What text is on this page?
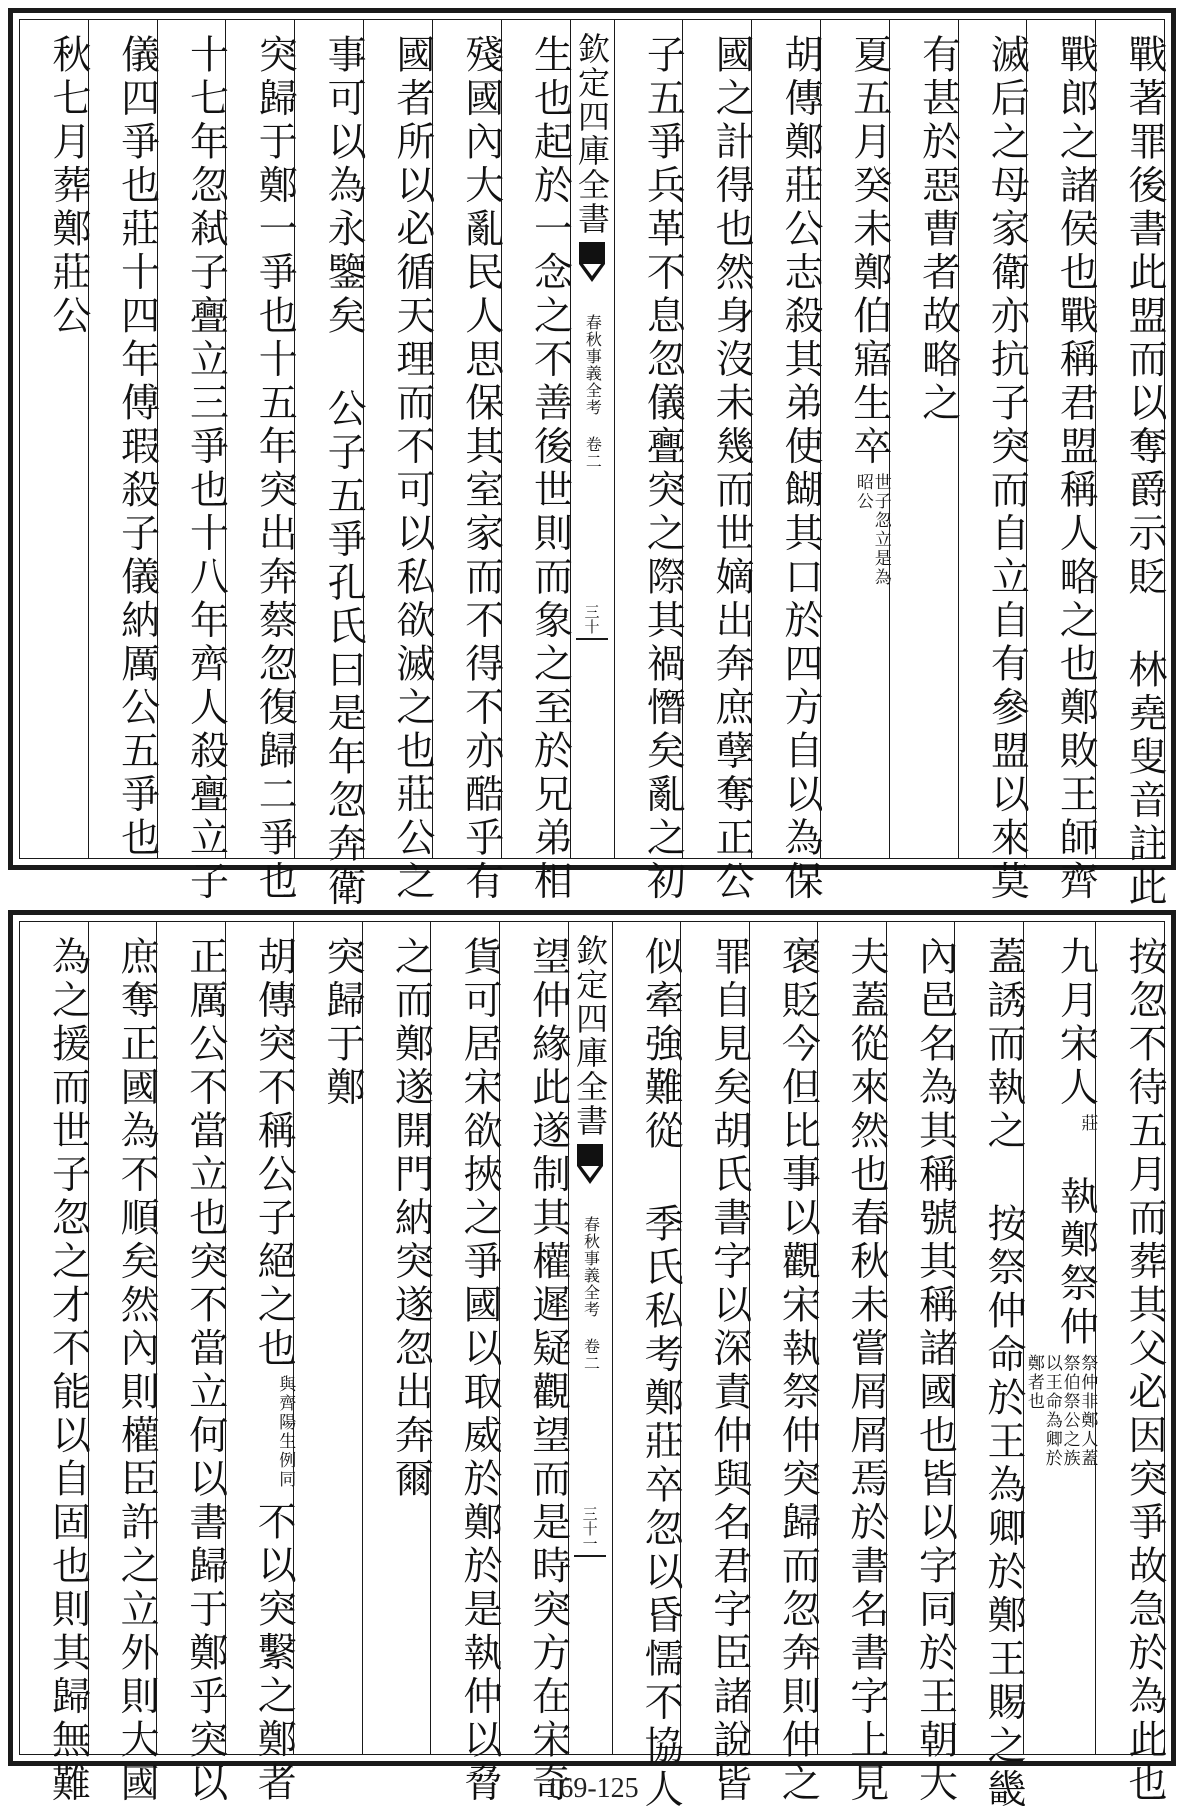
戰著罪後書此盟而以奪爵示貶 林堯叟音註此
戰郎之諸侯也戰稱君盟稱人略之也鄭敗王師齊
滅后之母家衛亦抗子突而自立自有參盟以來莫
有甚於惡曹者故略之
夏五月癸未鄭伯寤生卒世子忽立是為昭公
胡傳鄭莊公志殺其弟使餬其口於四方自以為保
國之計得也然身沒未幾而世嫡出奔庶孽奪正公
子五爭兵革不息忽儀亹突之際其禍憯矣亂之初
欽定四庫全書
春秋事義全考 卷二
三十
生也起於一念之不善後世則而象之至於兄弟相
殘國內大亂民人思保其室家而不得不亦酷乎有
國者所以必循天理而不可以私欲滅之也莊公之
事可以為永鑒矣 公子五爭孔氏曰是年忽奔衛
突歸于鄭一爭也十五年突出奔蔡忽復歸二爭也
十七年忽弒子亹立三爭也十八年齊人殺亹立子
儀四爭也莊十四年傅瑕殺子儀納厲公五爭也
秋七月葬鄭莊公
按忽不待五月而葬其父必因突爭故急於為此也
九月宋人莊執鄭祭仲祭仲非鄭人蓋祭伯祭公之族以王命為卿於鄭者也
蓋誘而執之 按祭仲命於王為卿於鄭王賜之畿
內邑名為其稱號其稱諸國也皆以字同於王朝大
夫蓋從來然也春秋未嘗屑屑焉於書名書字上見
褒貶今但比事以觀宋執祭仲突歸而忽奔則仲之
罪自見矣胡氏書字以深責仲與名君字臣諸說皆
似牽強難從 季氏私考鄭莊卒忽以昏懦不協人
欽定四庫全書
春秋事義全考 卷二
三十一
望仲緣此遂制其權遲疑觀望而是時突方在宋奇
貨可居宋欲挾之爭國以取威於鄭於是執仲以脅
之而鄭遂開門納突遂忽出奔爾
突歸于鄭
胡傳突不稱公子絕之也與齊陽生例同不以突繫之鄭者
正厲公不當立也突不當立何以書歸于鄭乎突以
庶奪正國為不順矣然內則權臣許之立外則大國
為之援而世子忽之才不能以自固也則其歸無難	169-125
